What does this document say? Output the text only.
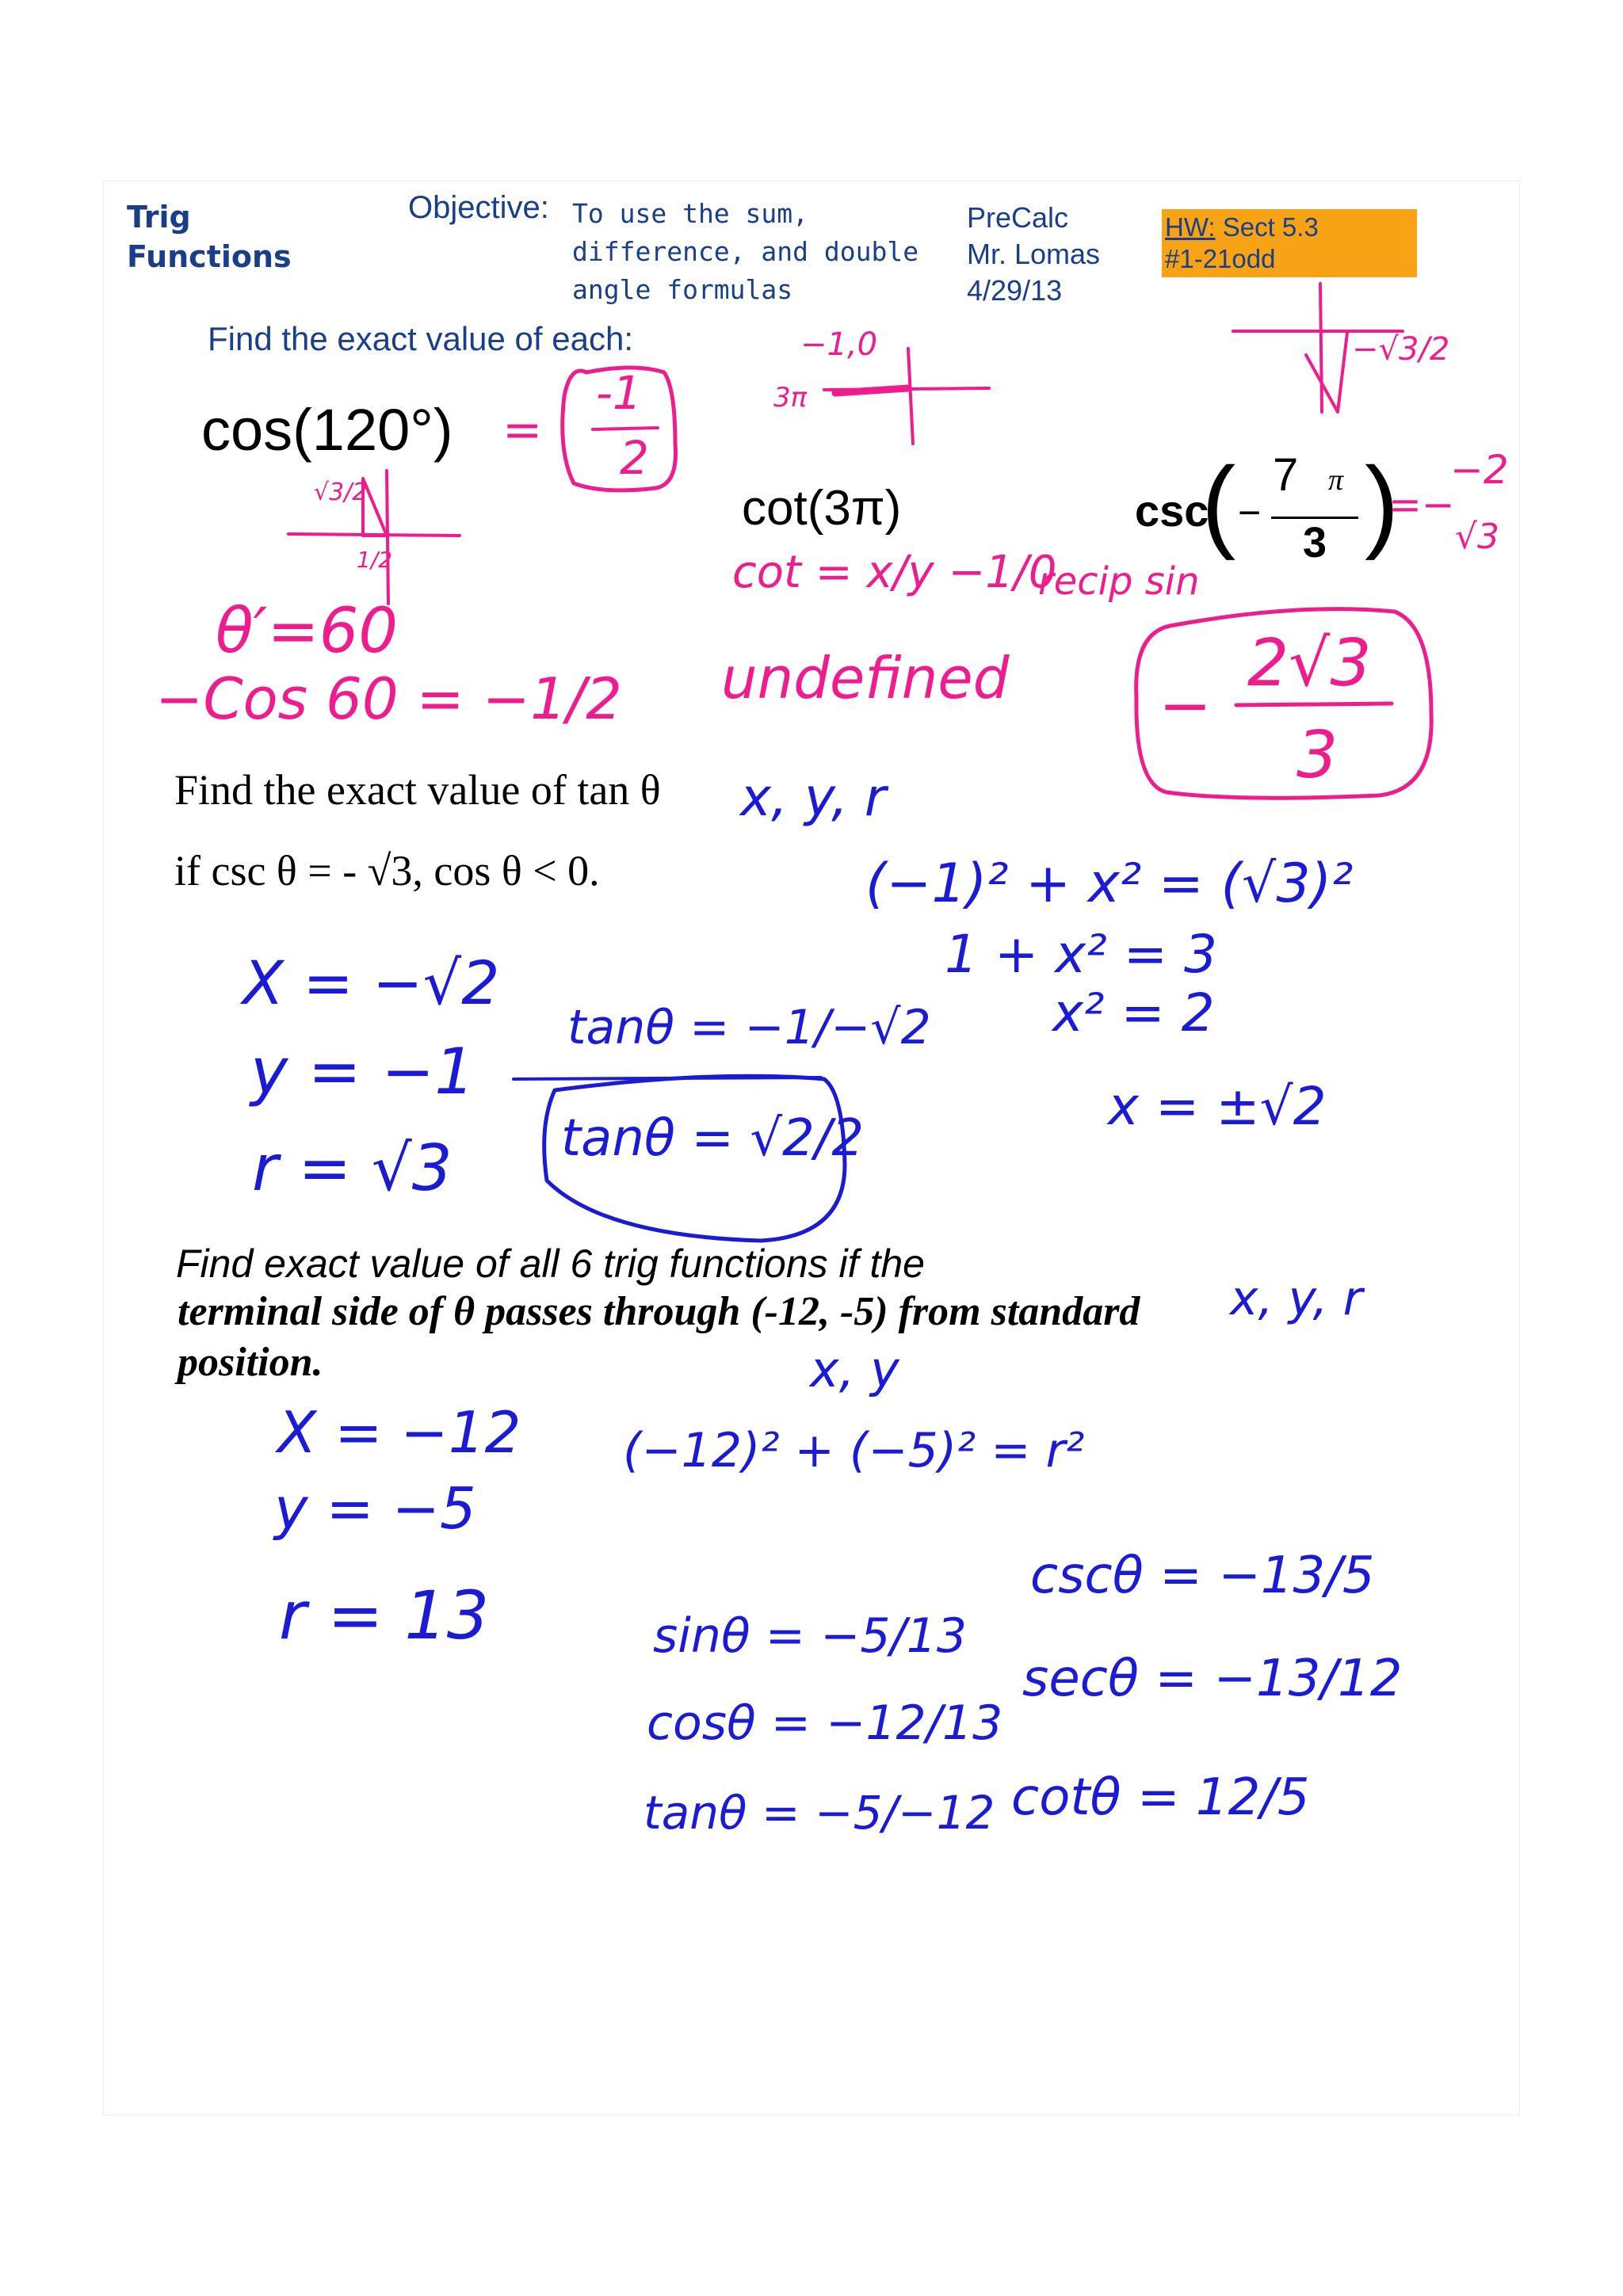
Trig
Functions
Objective: To use the sum,
difference, and double
angle formulas
PreCalc
Mr. Lomas
4/29/13
HW: Sect 5.3
#1-21odd
Find the exact value of each:
cos(120°) =
-1
2
√3/2
1/2
θ′=60
−Cos 60 = −1/2
−1,0
3π
cot(3π)
cot = x/y −1/0
undefined
csc
( −
7 π
3 )
=−
−2
√3
recip sin
−√3/2
−
2√3
3
Find the exact value of tan θ
if csc θ = - √3, cos θ < 0.
x, y, r
X = −√2
y = −1
r = √3
tanθ = −1/−√2
tanθ = √2/2
(−1)² + x² = (√3)²
1 + x² = 3
x² = 2
x = ±√2
Find exact value of all 6 trig functions if the
terminal side of θ passes through (-12, -5) from standard
position.
x, y, r
x, y
X = −12
y = −5
r = 13
(−12)² + (−5)² = r²
sinθ = −5/13
cosθ = −12/13
tanθ = −5/−12
cscθ = −13/5
secθ = −13/12
cotθ = 12/5
